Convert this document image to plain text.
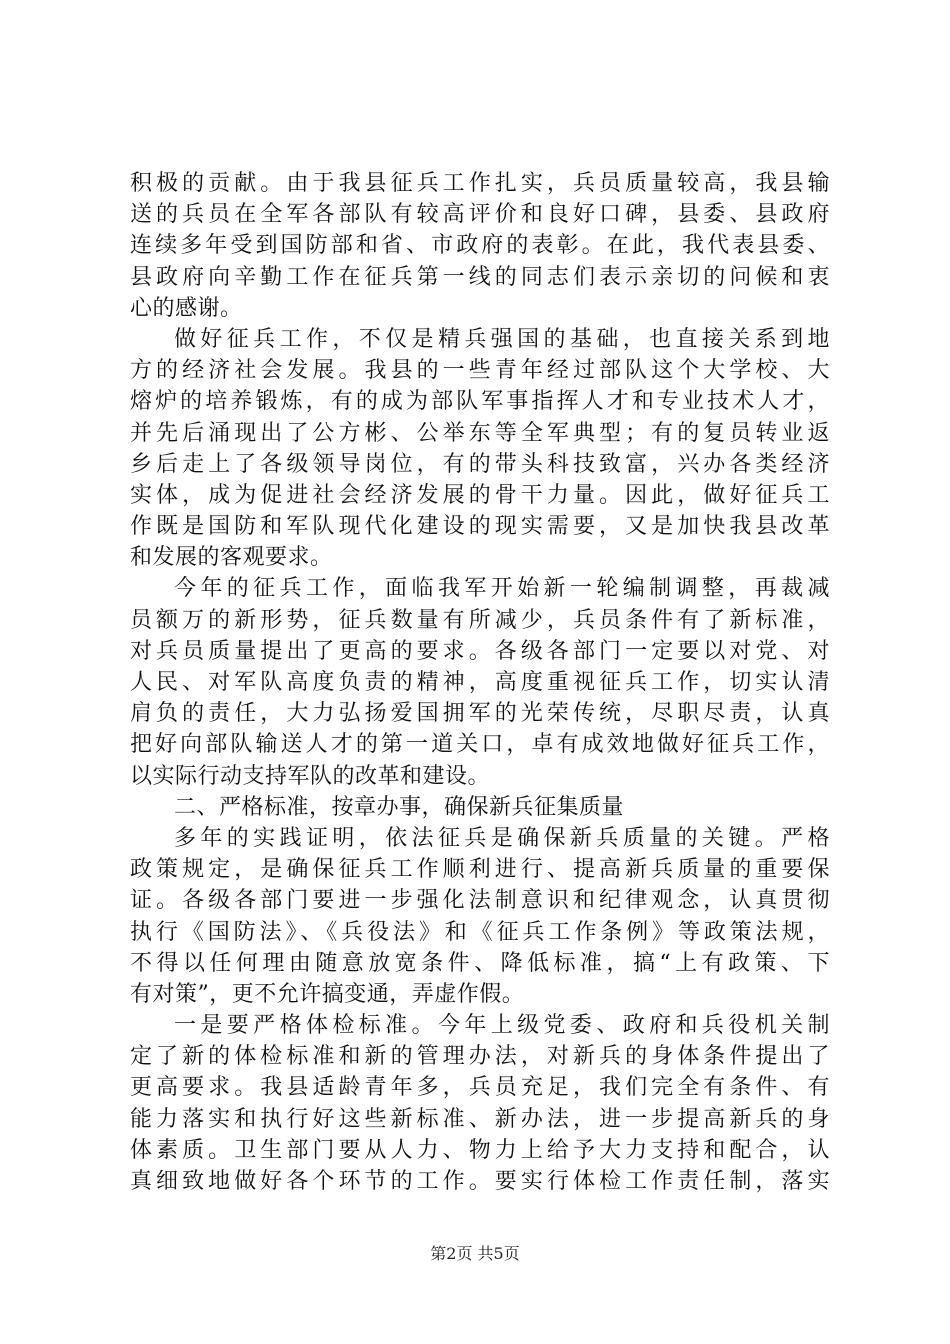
积极的贡献。由于我县征兵工作扎实，兵员质量较高，我县输
送的兵员在全军各部队有较高评价和良好口碑，县委、县政府
连续多年受到国防部和省、市政府的表彰。在此，我代表县委、
县政府向辛勤工作在征兵第一线的同志们表示亲切的问候和衷
心的感谢。
做好征兵工作，不仅是精兵强国的基础，也直接关系到地
方的经济社会发展。我县的一些青年经过部队这个大学校、大
熔炉的培养锻炼，有的成为部队军事指挥人才和专业技术人才，
并先后涌现出了公方彬、公举东等全军典型；有的复员转业返
乡后走上了各级领导岗位，有的带头科技致富，兴办各类经济
实体，成为促进社会经济发展的骨干力量。因此，做好征兵工
作既是国防和军队现代化建设的现实需要，又是加快我县改革
和发展的客观要求。
今年的征兵工作，面临我军开始新一轮编制调整，再裁减
员额万的新形势，征兵数量有所减少，兵员条件有了新标准，
对兵员质量提出了更高的要求。各级各部门一定要以对党、对
人民、对军队高度负责的精神，高度重视征兵工作，切实认清
肩负的责任，大力弘扬爱国拥军的光荣传统，尽职尽责，认真
把好向部队输送人才的第一道关口，卓有成效地做好征兵工作，
以实际行动支持军队的改革和建设。
二、严格标准，按章办事，确保新兵征集质量
多年的实践证明，依法征兵是确保新兵质量的关键。严格
政策规定，是确保征兵工作顺利进行、提高新兵质量的重要保
证。各级各部门要进一步强化法制意识和纪律观念，认真贯彻
执行《国防法》、《兵役法》和《征兵工作条例》等政策法规，
不得以任何理由随意放宽条件、降低标准，搞“上有政策、下
有对策”，更不允许搞变通，弄虚作假。
一是要严格体检标准。今年上级党委、政府和兵役机关制
定了新的体检标准和新的管理办法，对新兵的身体条件提出了
更高要求。我县适龄青年多，兵员充足，我们完全有条件、有
能力落实和执行好这些新标准、新办法，进一步提高新兵的身
体素质。卫生部门要从人力、物力上给予大力支持和配合，认
真细致地做好各个环节的工作。要实行体检工作责任制，落实
第2页 共5页
